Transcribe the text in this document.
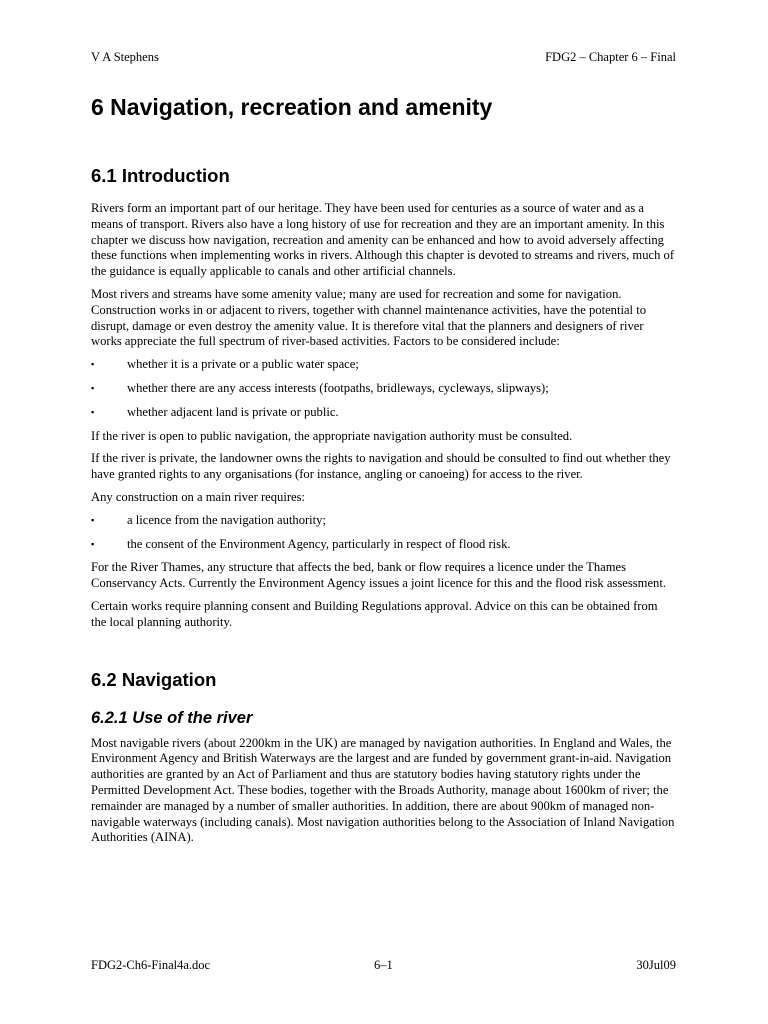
V A Stephens	FDG2 – Chapter 6 – Final
6 Navigation, recreation and amenity
6.1 Introduction

Rivers form an important part of our heritage. They have been used for centuries as a source of water and as a means of transport. Rivers also have a long history of use for recreation and they are an important amenity. In this chapter we discuss how navigation, recreation and amenity can be enhanced and how to avoid adversely affecting these functions when implementing works in rivers. Although this chapter is devoted to streams and rivers, much of the guidance is equally applicable to canals and other artificial channels.

Most rivers and streams have some amenity value; many are used for recreation and some for navigation. Construction works in or adjacent to rivers, together with channel maintenance activities, have the potential to disrupt, damage or even destroy the amenity value. It is therefore vital that the planners and designers of river works appreciate the full spectrum of river-based activities. Factors to be considered include:

▪	whether it is a private or a public water space;
▪	whether there are any access interests (footpaths, bridleways, cycleways, slipways);
▪	whether adjacent land is private or public.

If the river is open to public navigation, the appropriate navigation authority must be consulted.

If the river is private, the landowner owns the rights to navigation and should be consulted to find out whether they have granted rights to any organisations (for instance, angling or canoeing) for access to the river.

Any construction on a main river requires:

▪	a licence from the navigation authority;
▪	the consent of the Environment Agency, particularly in respect of flood risk.

For the River Thames, any structure that affects the bed, bank or flow requires a licence under the Thames Conservancy Acts. Currently the Environment Agency issues a joint licence for this and the flood risk assessment.

Certain works require planning consent and Building Regulations approval. Advice on this can be obtained from the local planning authority.

6.2 Navigation
6.2.1 Use of the river

Most navigable rivers (about 2200km in the UK) are managed by navigation authorities. In England and Wales, the Environment Agency and British Waterways are the largest and are funded by government grant-in-aid. Navigation authorities are granted by an Act of Parliament and thus are statutory bodies having statutory rights under the Permitted Development Act. These bodies, together with the Broads Authority, manage about 1600km of river; the remainder are managed by a number of smaller authorities. In addition, there are about 900km of managed non-navigable waterways (including canals). Most navigation authorities belong to the Association of Inland Navigation Authorities (AINA).

FDG2-Ch6-Final4a.doc	6–1	30Jul09
